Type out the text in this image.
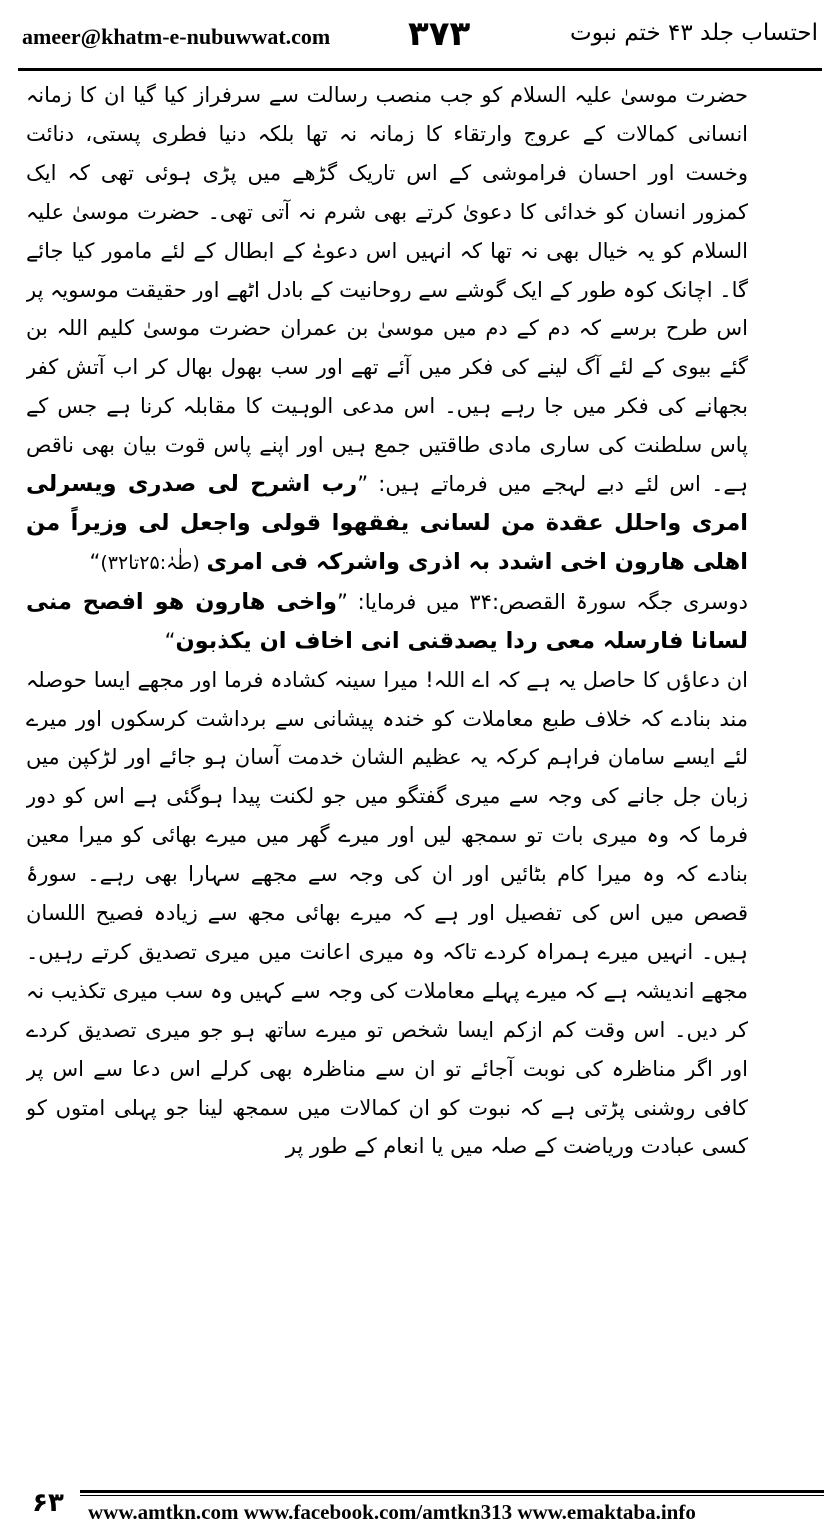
ameer@khatm-e-nubuwwat.com ۳۷۳	احتساب جلد ۴۳ ختم نبوت

حضرت موسیٰ علیہ السلام کو جب منصب رسالت سے سرفراز کیا گیا ان کا زمانہ انسانی کمالات کے عروج وارتقاء کا زمانہ نہ تھا بلکہ دنیا فطری پستی، دنائت وخست اور احسان فراموشی کے اس تاریک گڑھے میں پڑی ہوئی تھی کہ ایک کمزور انسان کو خدائی کا دعویٰ کرتے بھی شرم نہ آتی تھی۔ حضرت موسیٰ علیہ السلام کو یہ خیال بھی نہ تھا کہ انہیں اس دعوےٰ کے ابطال کے لئے مامور کیا جائے گا۔ اچانک کوہ طور کے ایک گوشے سے روحانیت کے بادل اٹھے اور حقیقت موسویہ پر اس طرح برسے کہ دم کے دم میں موسیٰ بن عمران حضرت موسیٰ کلیم اللہ بن گئے بیوی کے لئے آگ لینے کی فکر میں آئے تھے اور سب بھول بھال کر اب آتش کفر بجھانے کی فکر میں جا رہے ہیں۔ اس مدعی الوہیت کا مقابلہ کرنا ہے جس کے پاس سلطنت کی ساری مادی طاقتیں جمع ہیں اور اپنے پاس قوت بیان بھی ناقص ہے۔ اس لئے دبے لہجے میں فرماتے ہیں: ”رب اشرح لی صدری ویسرلی امری واحلل عقدة من لسانی یفقھوا قولی واجعل لی وزیراً من اھلی ھارون اخی اشدد بہ اذری واشرکہ فی امری (طٰہٰ:۲۵تا۳۲)“

دوسری جگہ سورۃ القصص:۳۴ میں فرمایا: ”واخی ھارون ھو افصح منی لسانا فارسلہ معی ردا یصدقنی انی اخاف ان یکذبون“

ان دعاؤں کا حاصل یہ ہے کہ اے اللہ! میرا سینہ کشادہ فرما اور مجھے ایسا حوصلہ مند بنادے کہ خلاف طبع معاملات کو خندہ پیشانی سے برداشت کرسکوں اور میرے لئے ایسے سامان فراہم کرکہ یہ عظیم الشان خدمت آسان ہو جائے اور لڑکپن میں زبان جل جانے کی وجہ سے میری گفتگو میں جو لکنت پیدا ہوگئی ہے اس کو دور فرما کہ وہ میری بات تو سمجھ لیں اور میرے گھر میں میرے بھائی کو میرا معین بنادے کہ وہ میرا کام بٹائیں اور ان کی وجہ سے مجھے سہارا بھی رہے۔ سورۂ قصص میں اس کی تفصیل اور ہے کہ میرے بھائی مجھ سے زیادہ فصیح اللسان ہیں۔ انہیں میرے ہمراہ کردے تاکہ وہ میری اعانت میں میری تصدیق کرتے رہیں۔ مجھے اندیشہ ہے کہ میرے پہلے معاملات کی وجہ سے کہیں وہ سب میری تکذیب نہ کر دیں۔ اس وقت کم ازکم ایسا شخص تو میرے ساتھ ہو جو میری تصدیق کردے اور اگر مناظرہ کی نوبت آجائے تو ان سے مناظرہ بھی کرلے اس دعا سے اس پر کافی روشنی پڑتی ہے کہ نبوت کو ان کمالات میں سمجھ لینا جو پہلی امتوں کو کسی عبادت وریاضت کے صلہ میں یا انعام کے طور پر

۶۳	www.amtkn.com www.facebook.com/amtkn313 www.emaktaba.info
